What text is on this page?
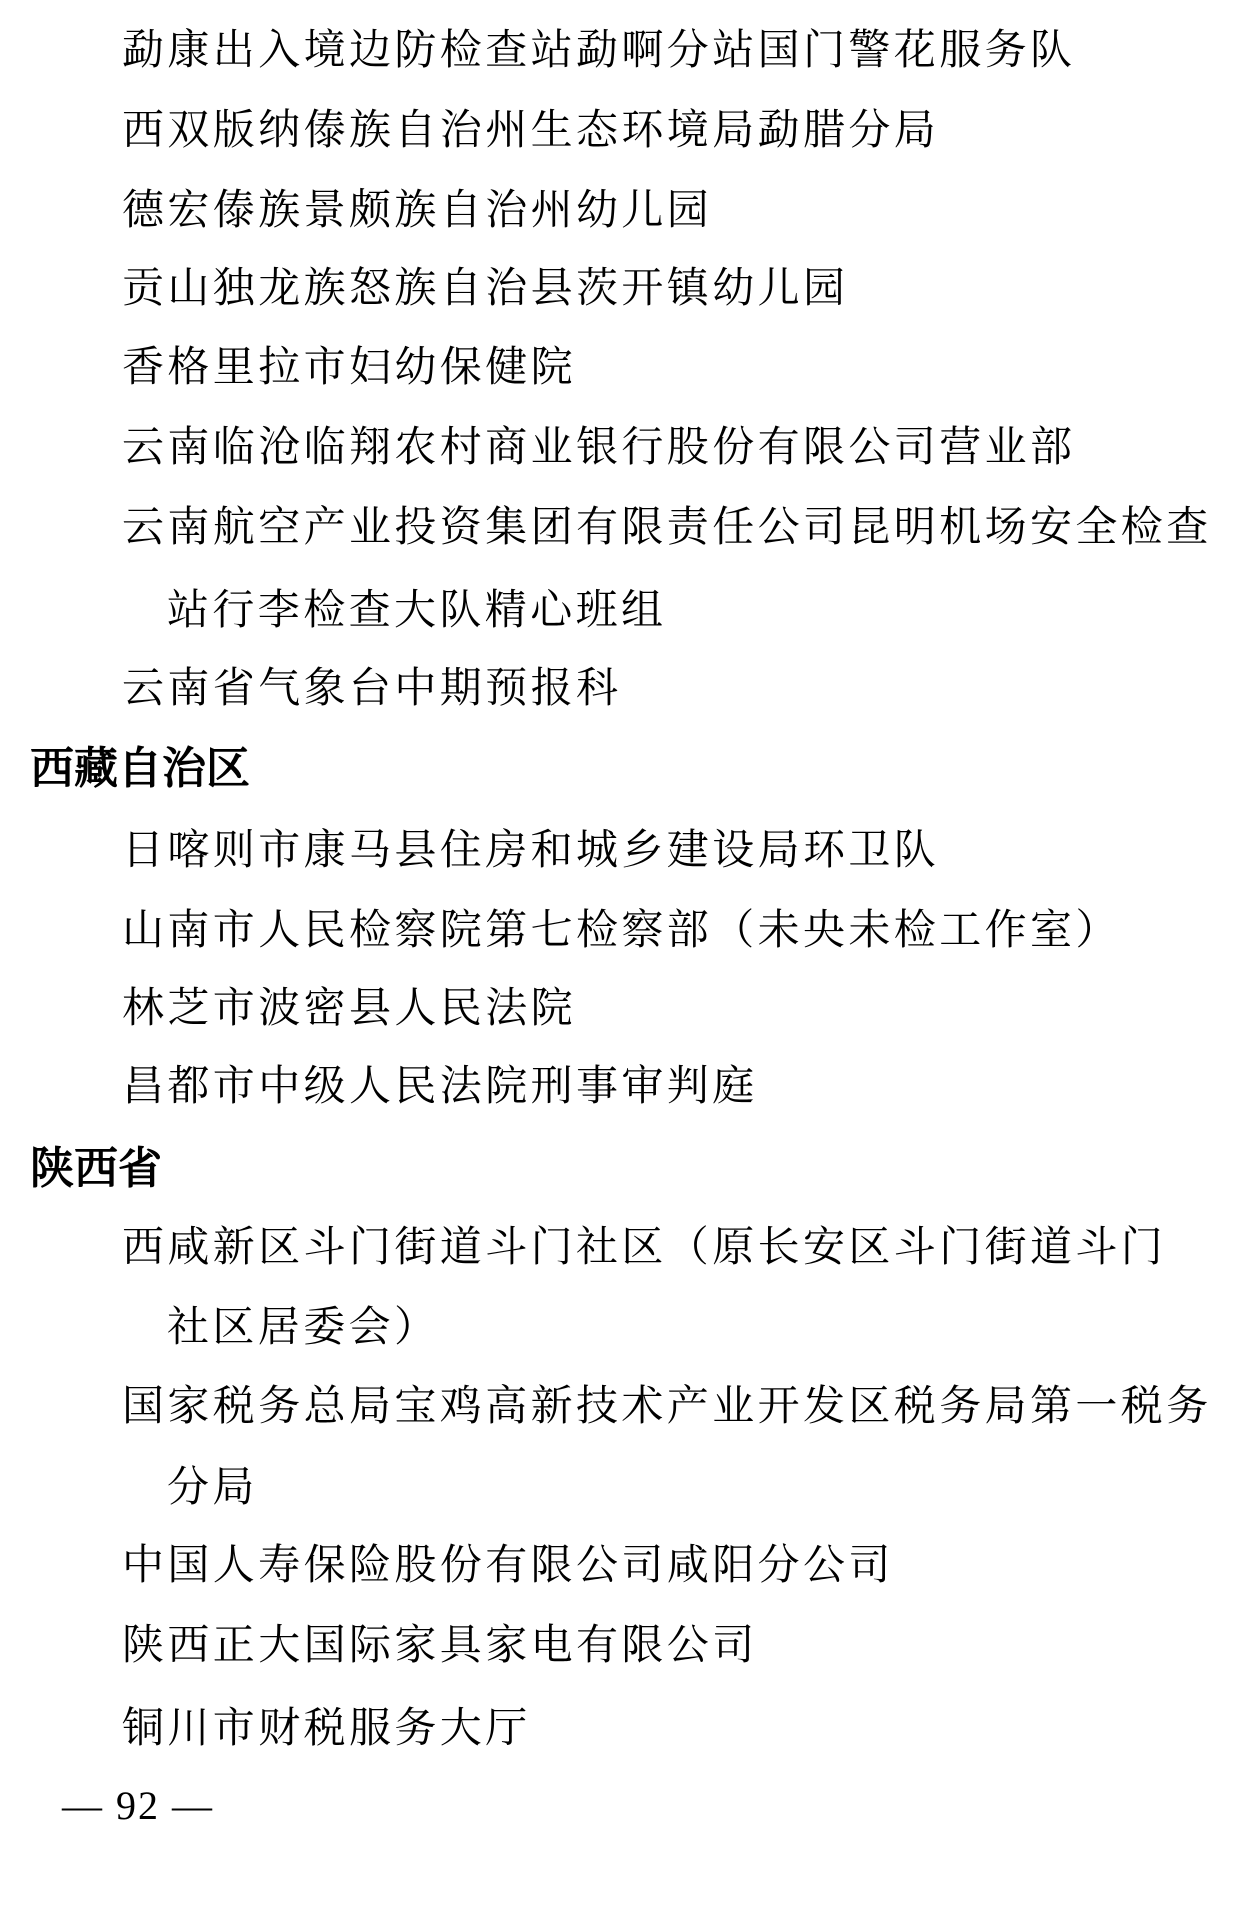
勐康出入境边防检查站勐啊分站国门警花服务队
西双版纳傣族自治州生态环境局勐腊分局
德宏傣族景颇族自治州幼儿园
贡山独龙族怒族自治县茨开镇幼儿园
香格里拉市妇幼保健院
云南临沧临翔农村商业银行股份有限公司营业部
云南航空产业投资集团有限责任公司昆明机场安全检查
站行李检查大队精心班组
云南省气象台中期预报科
西藏自治区
日喀则市康马县住房和城乡建设局环卫队
山南市人民检察院第七检察部（未央未检工作室）
林芝市波密县人民法院
昌都市中级人民法院刑事审判庭
陕西省
西咸新区斗门街道斗门社区（原长安区斗门街道斗门
社区居委会）
国家税务总局宝鸡高新技术产业开发区税务局第一税务
分局
中国人寿保险股份有限公司咸阳分公司
陕西正大国际家具家电有限公司
铜川市财税服务大厅
— 92 —
